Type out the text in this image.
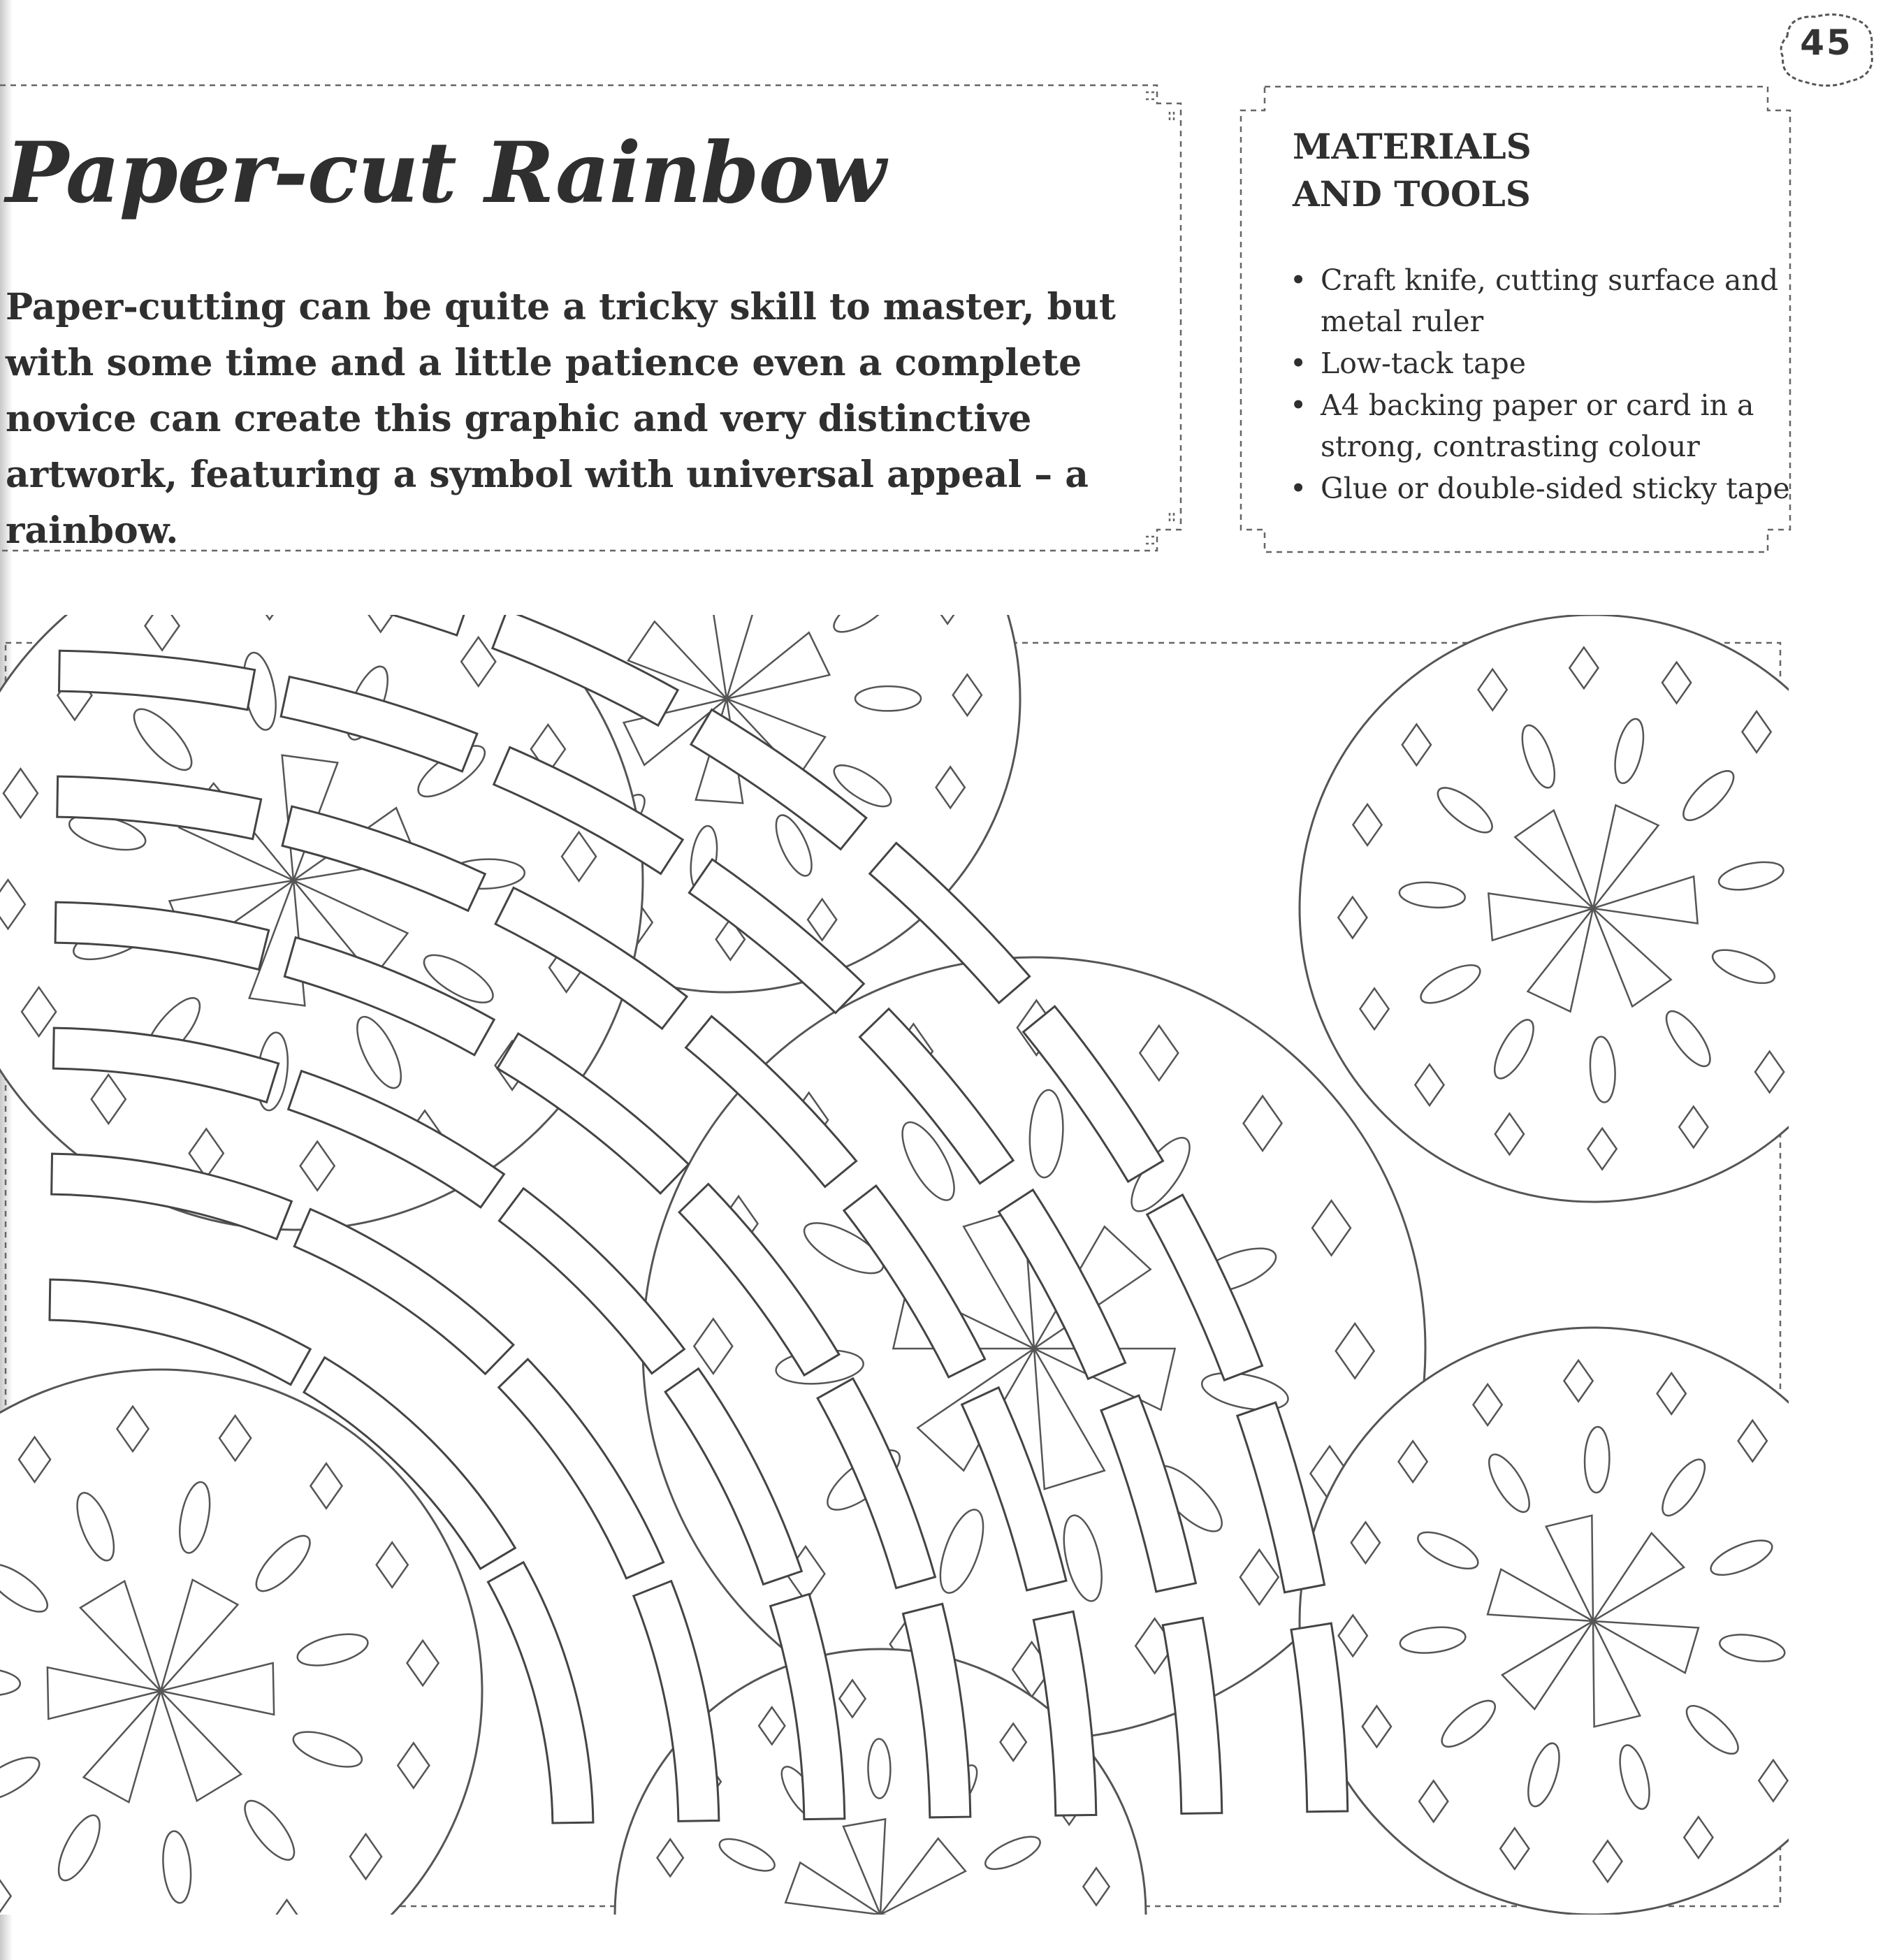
45
Paper-cut Rainbow

Paper-cutting can be quite a tricky skill to master, but with some time and a little patience even a complete novice can create this graphic and very distinctive artwork, featuring a symbol with universal appeal – a rainbow.

MATERIALS
AND TOOLS
• Craft knife, cutting surface and metal ruler
• Low-tack tape
• A4 backing paper or card in a strong, contrasting colour
• Glue or double-sided sticky tape
